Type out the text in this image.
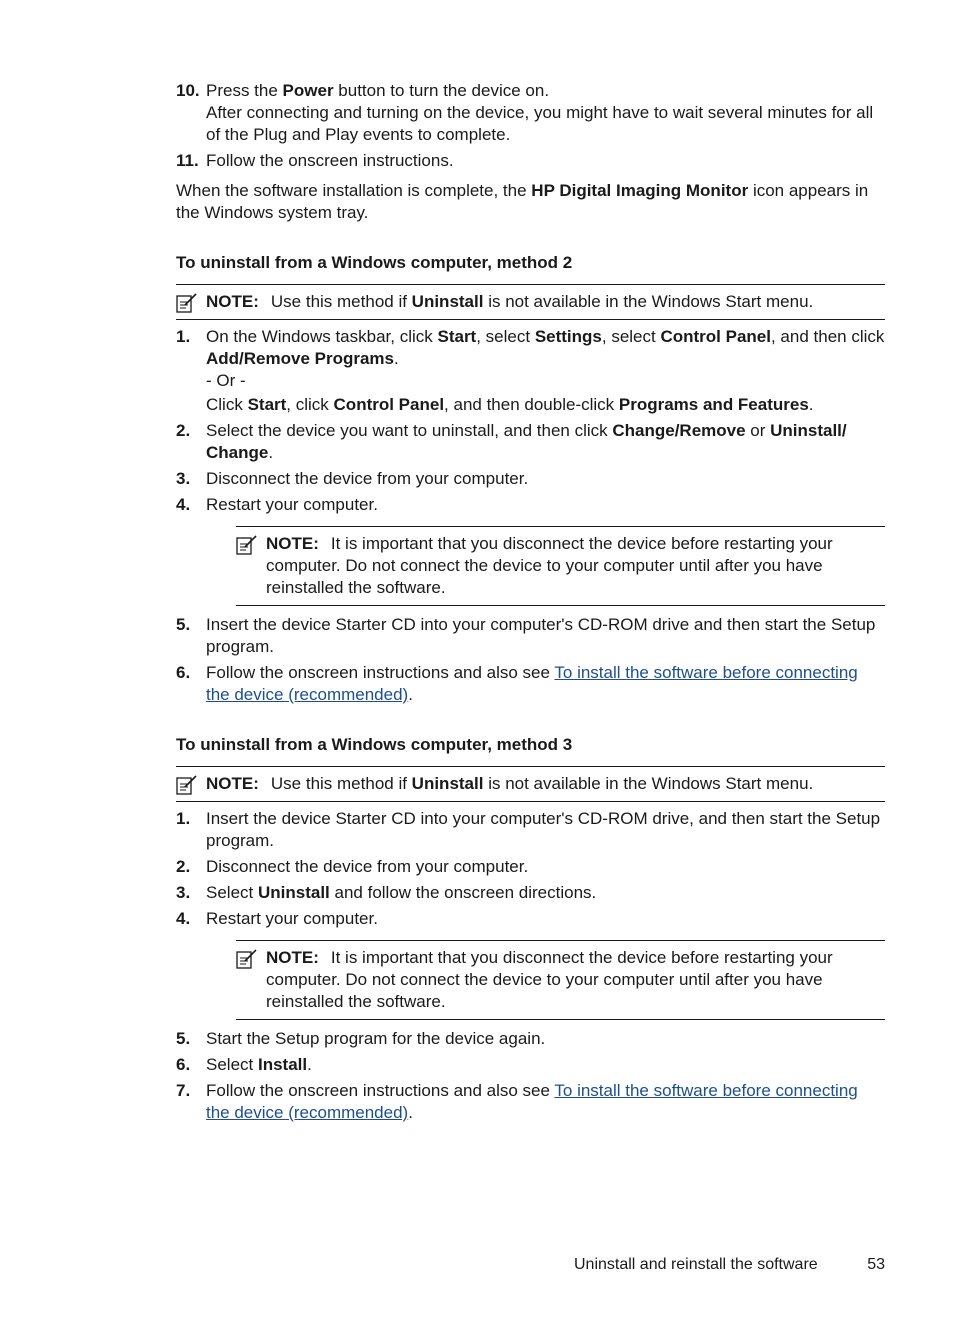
10. Press the Power button to turn the device on.
After connecting and turning on the device, you might have to wait several minutes for all of the Plug and Play events to complete.
11. Follow the onscreen instructions.

When the software installation is complete, the HP Digital Imaging Monitor icon appears in the Windows system tray.

To uninstall from a Windows computer, method 2
NOTE: Use this method if Uninstall is not available in the Windows Start menu.
1. On the Windows taskbar, click Start, select Settings, select Control Panel, and then click Add/Remove Programs.
- Or -
Click Start, click Control Panel, and then double-click Programs and Features.
2. Select the device you want to uninstall, and then click Change/Remove or Uninstall/ Change.
3. Disconnect the device from your computer.
4. Restart your computer.
NOTE: It is important that you disconnect the device before restarting your computer. Do not connect the device to your computer until after you have reinstalled the software.
5. Insert the device Starter CD into your computer's CD-ROM drive and then start the Setup program.
6. Follow the onscreen instructions and also see To install the software before connecting the device (recommended).
To uninstall from a Windows computer, method 3
NOTE: Use this method if Uninstall is not available in the Windows Start menu.
1. Insert the device Starter CD into your computer's CD-ROM drive, and then start the Setup program.
2. Disconnect the device from your computer.
3. Select Uninstall and follow the onscreen directions.
4. Restart your computer.
NOTE: It is important that you disconnect the device before restarting your computer. Do not connect the device to your computer until after you have reinstalled the software.
5. Start the Setup program for the device again.
6. Select Install.
7. Follow the onscreen instructions and also see To install the software before connecting the device (recommended).
Uninstall and reinstall the software	53
